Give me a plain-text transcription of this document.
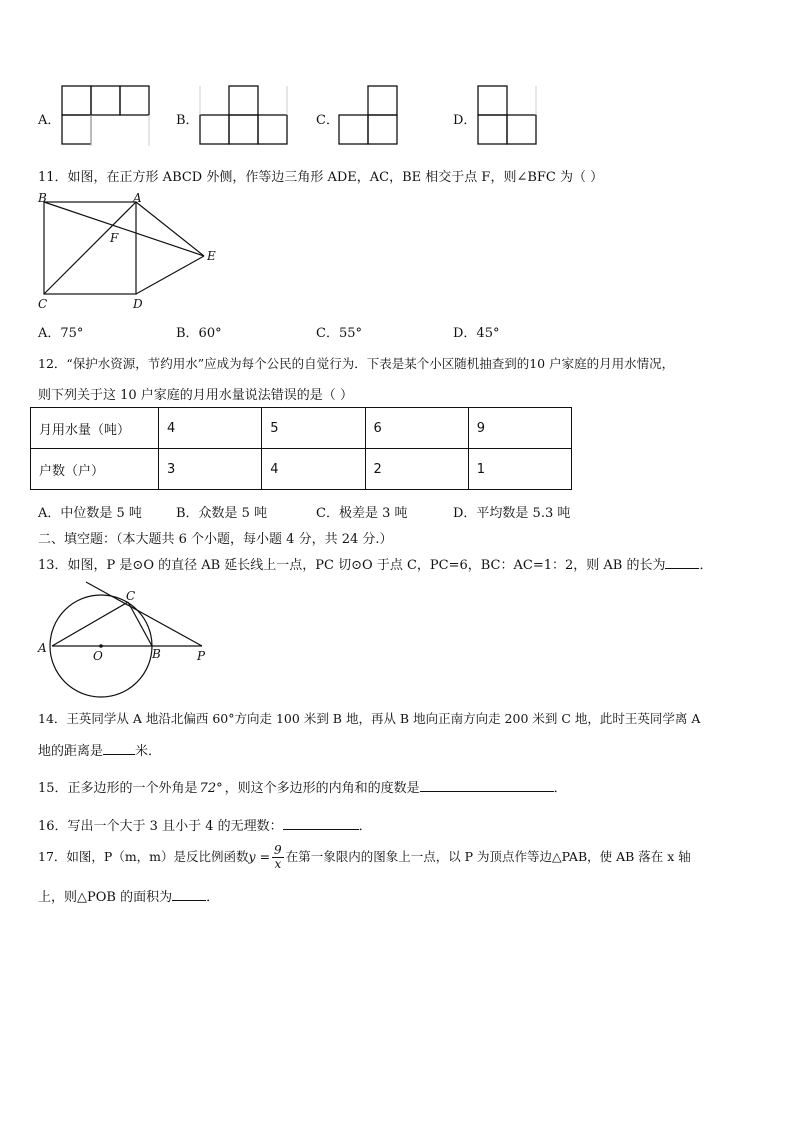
A．	B．	C．	D．
11．如图，在正方形 ABCD 外侧，作等边三角形 ADE，AC，BE 相交于点 F，则∠BFC 为（ ）
B	A
F
E
C	D
A．75°	B．60°	C．55°	D．45°
12．“保护水资源，节约用水”应成为每个公民的自觉行为．下表是某个小区随机抽查到的10 户家庭的月用水情况，
则下列关于这 10 户家庭的月用水量说法错误的是（ ）
月用水量（吨）	4	5	6	9
户数（户）	3	4	2	1
A．中位数是 5 吨	B．众数是 5 吨	C．极差是 3 吨	D．平均数是 5.3 吨
二、填空题：（本大题共 6 个小题，每小题 4 分，共 24 分.）
13．如图，P 是⊙O 的直径 AB 延长线上一点，PC 切⊙O 于点 C，PC=6，BC：AC=1：2，则 AB 的长为	．
C
A
O	B	P
14．王英同学从 A 地沿北偏西 60°方向走 100 米到 B 地，再从 B 地向正南方向走 200 米到 C 地，此时王英同学离 A
地的距离是 米．
15．正多边形的一个外角是 72° ，则这个多边形的内角和的度数是	．
16．写出一个大于 3 且小于 4 的无理数：	．
17．如图，P（m，m）是反比例函数$y = \frac{9}{x}$ 在第一象限内的图象上一点，以 P 为顶点作等边△PAB，使 AB 落在 x 轴
上，则△POB 的面积为	．
